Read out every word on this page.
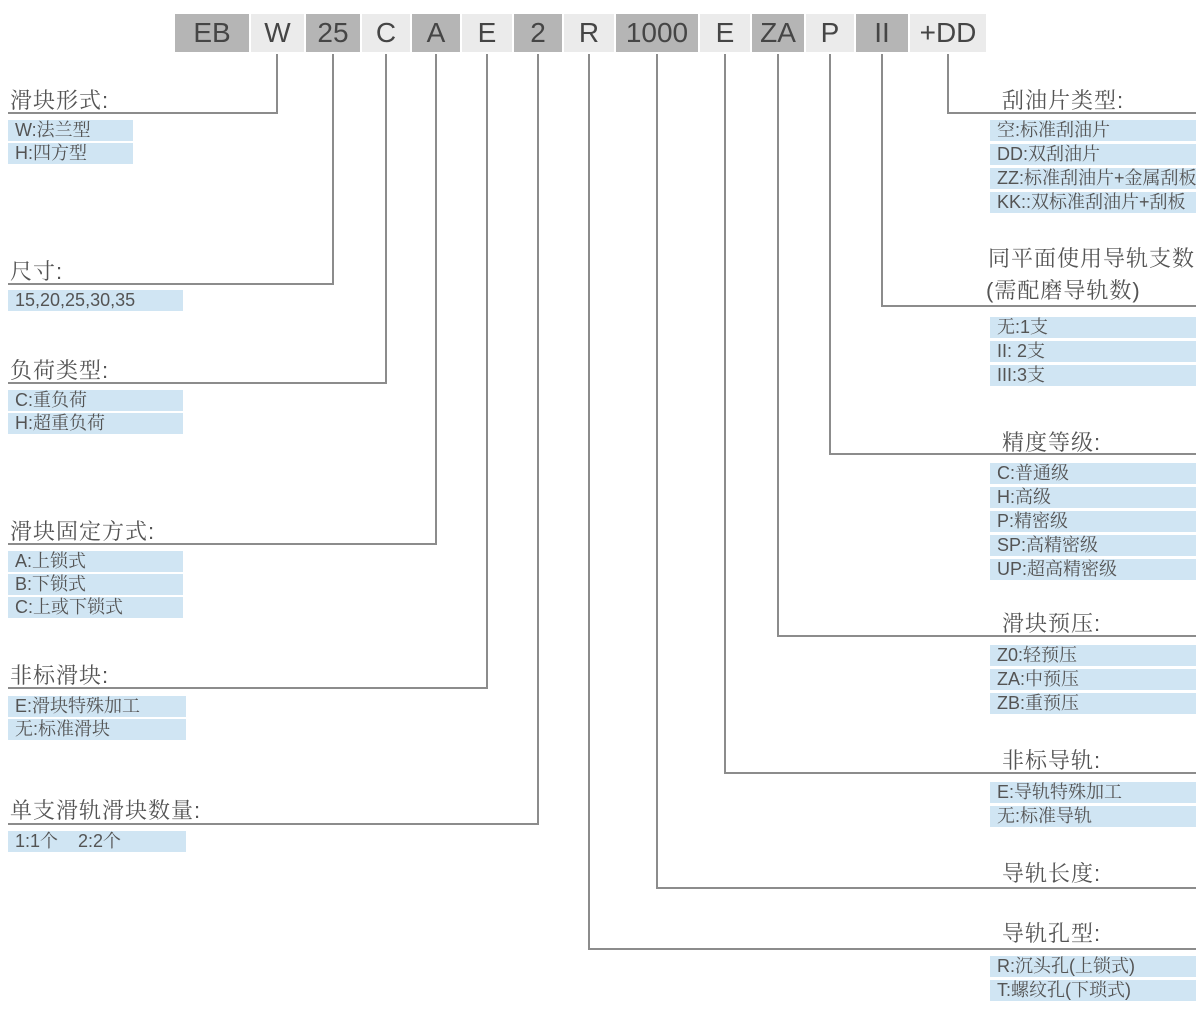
EB	W 25 C	A	E	2	R 1000 E ZA P	II	+DD
滑块形式:
W:法兰型
H:四方型
尺寸:
15,20,25,30,35
负荷类型:
C:重负荷
H:超重负荷
滑块固定方式:
A:上锁式
B:下锁式
C:上或下锁式
非标滑块:
E:滑块特殊加工
无:标准滑块
单支滑轨滑块数量:
1:1个    2:2个
刮油片类型:
空:标准刮油片
DD:双刮油片
ZZ:标准刮油片+金属刮板
KK::双标准刮油片+刮板
同平面使用导轨支数
(需配磨导轨数)
无:1支
II: 2支
III:3支
精度等级:
C:普通级
H:高级
P:精密级
SP:高精密级
UP:超高精密级
滑块预压:
Z0:轻预压
ZA:中预压
ZB:重预压
非标导轨:
E:导轨特殊加工
无:标准导轨
导轨长度:
导轨孔型:
R:沉头孔(上锁式)
T:螺纹孔(下琐式)
